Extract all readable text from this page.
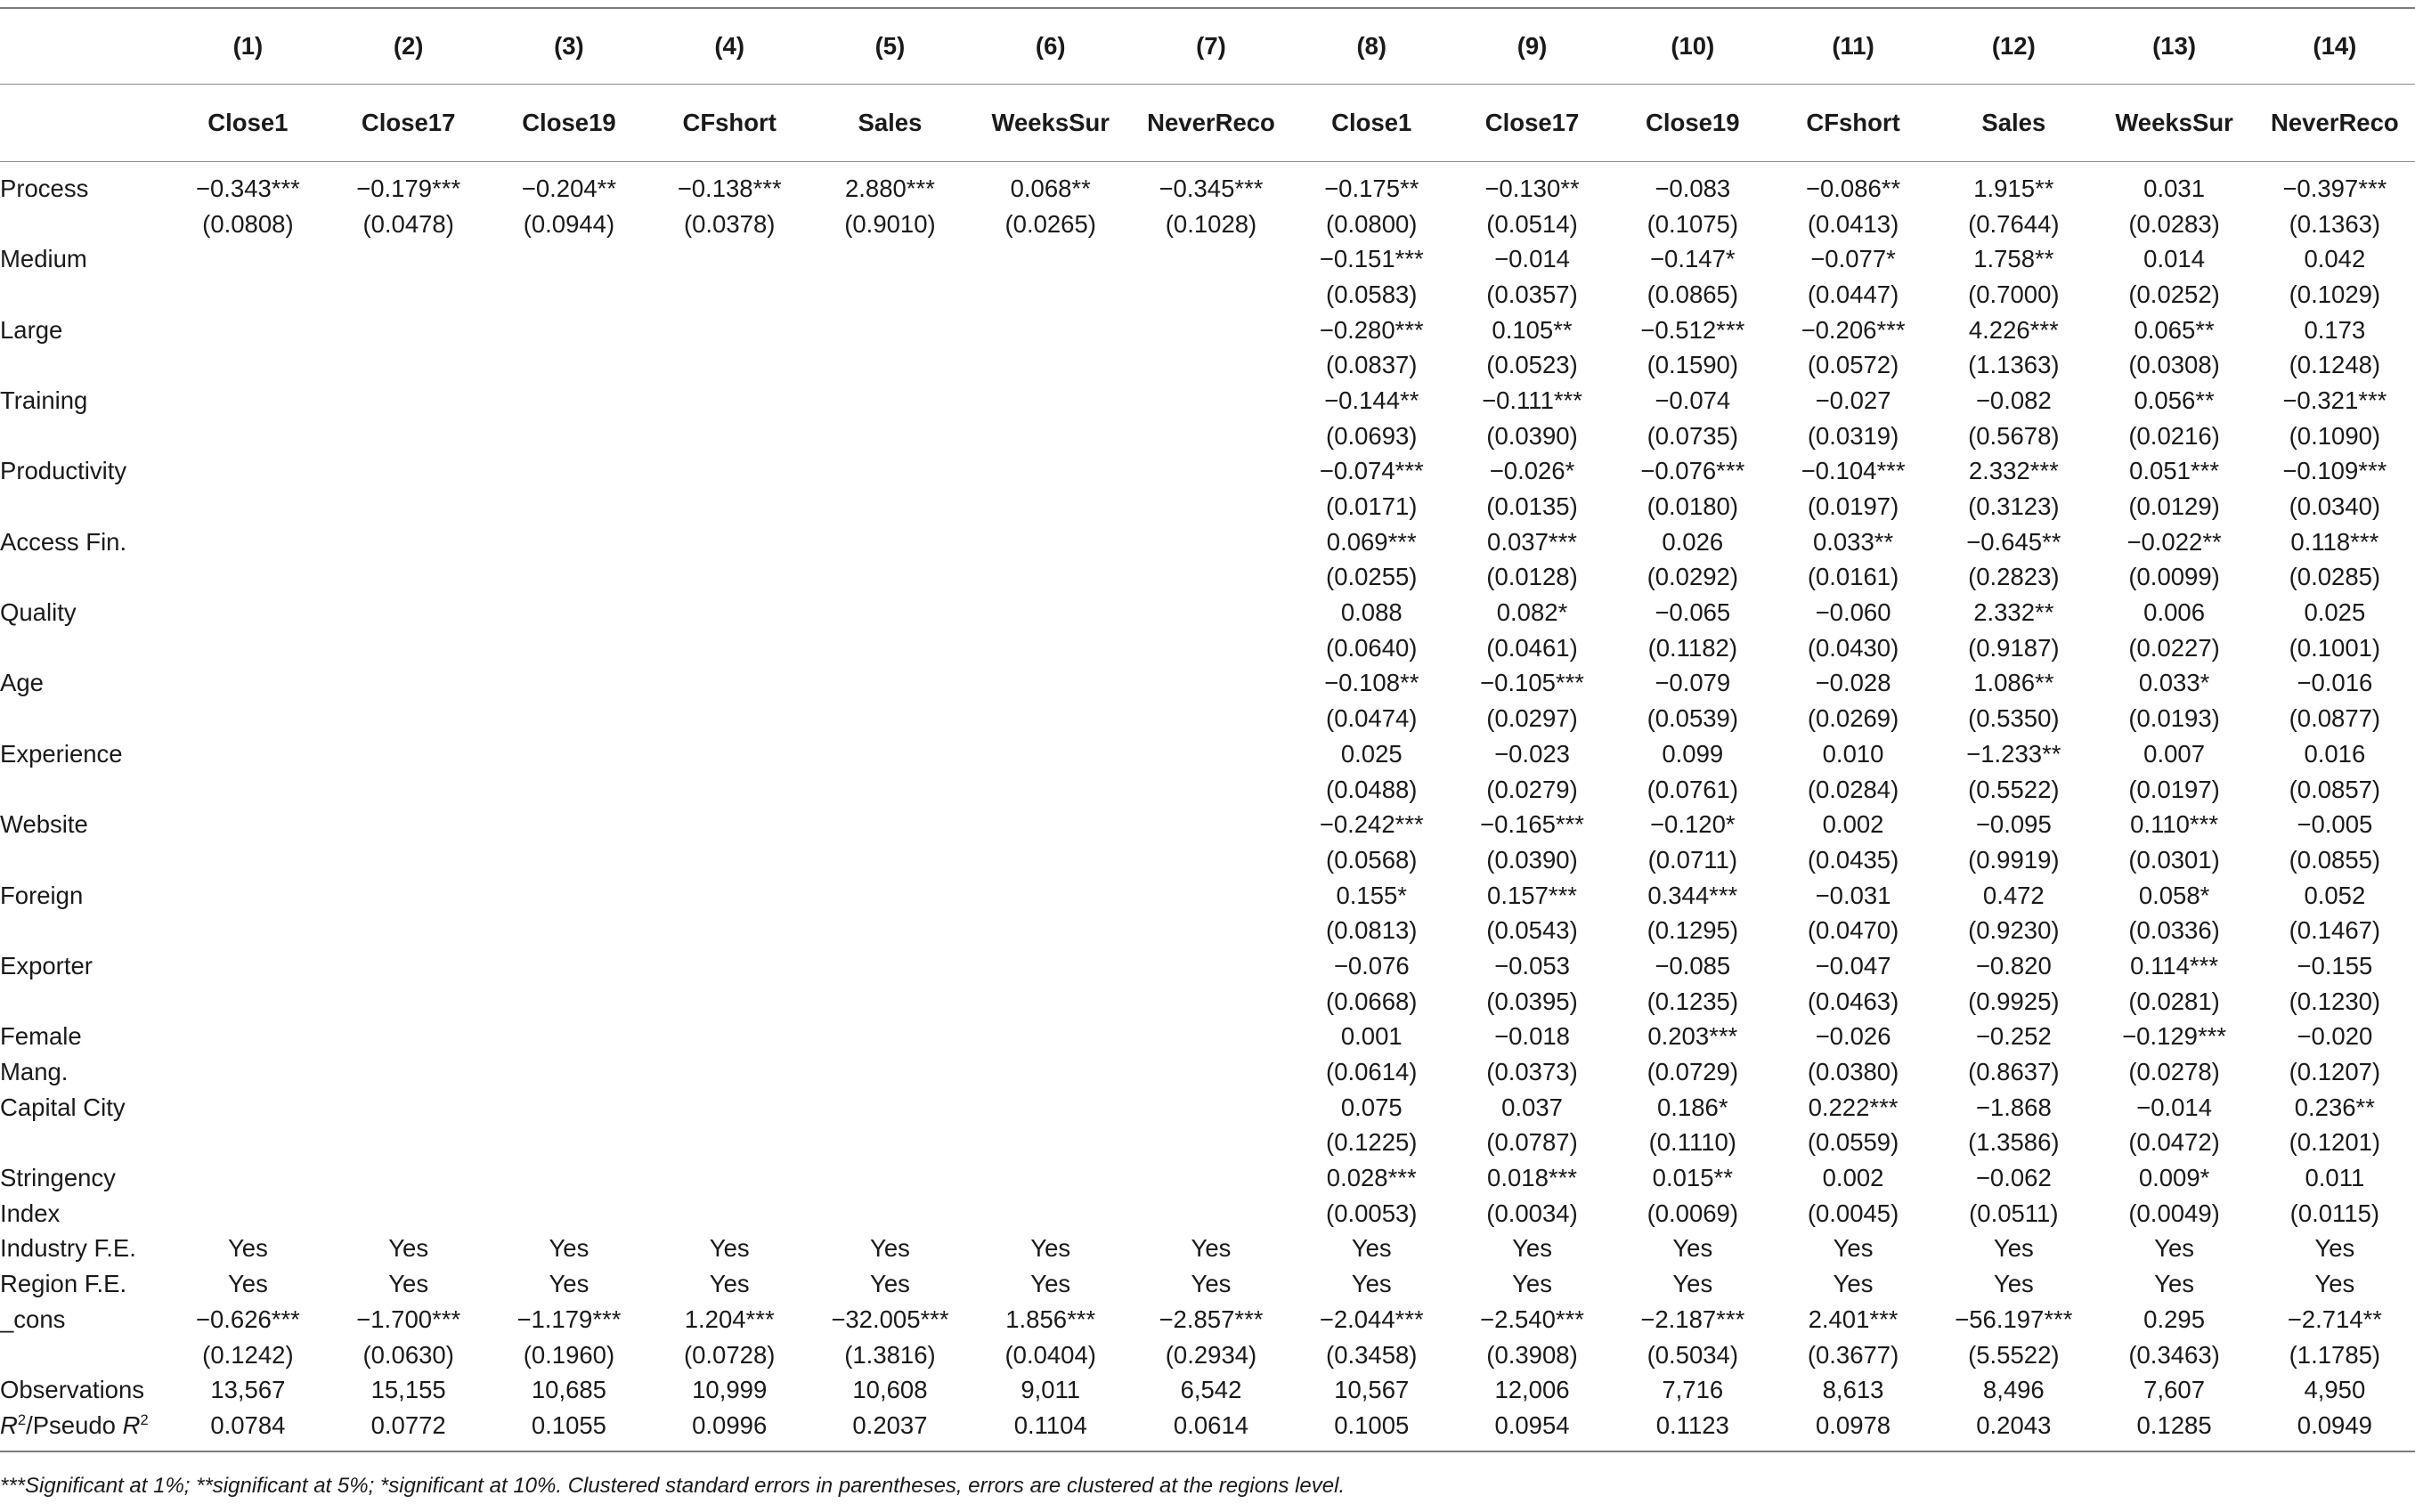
	(1)	(2)	(3)	(4)	(5)	(6)	(7)	(8)	(9)	(10)	(11)	(12)	(13)	(14)
	Close1	Close17	Close19	CFshort	Sales	WeeksSur	NeverReco	Close1	Close17	Close19	CFshort	Sales	WeeksSur	NeverReco
Process	−0.343***	−0.179***	−0.204**	−0.138***	2.880***	0.068**	−0.345***	−0.175**	−0.130**	−0.083	−0.086**	1.915**	0.031	−0.397***
	(0.0808)	(0.0478)	(0.0944)	(0.0378)	(0.9010)	(0.0265)	(0.1028)	(0.0800)	(0.0514)	(0.1075)	(0.0413)	(0.7644)	(0.0283)	(0.1363)
Medium								−0.151***	−0.014	−0.147*	−0.077*	1.758**	0.014	0.042
								(0.0583)	(0.0357)	(0.0865)	(0.0447)	(0.7000)	(0.0252)	(0.1029)
Large								−0.280***	0.105**	−0.512***	−0.206***	4.226***	0.065**	0.173
								(0.0837)	(0.0523)	(0.1590)	(0.0572)	(1.1363)	(0.0308)	(0.1248)
Training								−0.144**	−0.111***	−0.074	−0.027	−0.082	0.056**	−0.321***
								(0.0693)	(0.0390)	(0.0735)	(0.0319)	(0.5678)	(0.0216)	(0.1090)
Productivity								−0.074***	−0.026*	−0.076***	−0.104***	2.332***	0.051***	−0.109***
								(0.0171)	(0.0135)	(0.0180)	(0.0197)	(0.3123)	(0.0129)	(0.0340)
Access Fin.								0.069***	0.037***	0.026	0.033**	−0.645**	−0.022**	0.118***
								(0.0255)	(0.0128)	(0.0292)	(0.0161)	(0.2823)	(0.0099)	(0.0285)
Quality								0.088	0.082*	−0.065	−0.060	2.332**	0.006	0.025
								(0.0640)	(0.0461)	(0.1182)	(0.0430)	(0.9187)	(0.0227)	(0.1001)
Age								−0.108**	−0.105***	−0.079	−0.028	1.086**	0.033*	−0.016
								(0.0474)	(0.0297)	(0.0539)	(0.0269)	(0.5350)	(0.0193)	(0.0877)
Experience								0.025	−0.023	0.099	0.010	−1.233**	0.007	0.016
								(0.0488)	(0.0279)	(0.0761)	(0.0284)	(0.5522)	(0.0197)	(0.0857)
Website								−0.242***	−0.165***	−0.120*	0.002	−0.095	0.110***	−0.005
								(0.0568)	(0.0390)	(0.0711)	(0.0435)	(0.9919)	(0.0301)	(0.0855)
Foreign								0.155*	0.157***	0.344***	−0.031	0.472	0.058*	0.052
								(0.0813)	(0.0543)	(0.1295)	(0.0470)	(0.9230)	(0.0336)	(0.1467)
Exporter								−0.076	−0.053	−0.085	−0.047	−0.820	0.114***	−0.155
								(0.0668)	(0.0395)	(0.1235)	(0.0463)	(0.9925)	(0.0281)	(0.1230)
Female								0.001	−0.018	0.203***	−0.026	−0.252	−0.129***	−0.020
Mang.								(0.0614)	(0.0373)	(0.0729)	(0.0380)	(0.8637)	(0.0278)	(0.1207)
Capital City								0.075	0.037	0.186*	0.222***	−1.868	−0.014	0.236**
								(0.1225)	(0.0787)	(0.1110)	(0.0559)	(1.3586)	(0.0472)	(0.1201)
Stringency								0.028***	0.018***	0.015**	0.002	−0.062	0.009*	0.011
Index								(0.0053)	(0.0034)	(0.0069)	(0.0045)	(0.0511)	(0.0049)	(0.0115)
Industry F.E.	Yes	Yes	Yes	Yes	Yes	Yes	Yes	Yes	Yes	Yes	Yes	Yes	Yes	Yes
Region F.E.	Yes	Yes	Yes	Yes	Yes	Yes	Yes	Yes	Yes	Yes	Yes	Yes	Yes	Yes
_cons	−0.626***	−1.700***	−1.179***	1.204***	−32.005***	1.856***	−2.857***	−2.044***	−2.540***	−2.187***	2.401***	−56.197***	0.295	−2.714**
	(0.1242)	(0.0630)	(0.1960)	(0.0728)	(1.3816)	(0.0404)	(0.2934)	(0.3458)	(0.3908)	(0.5034)	(0.3677)	(5.5522)	(0.3463)	(1.1785)
Observations	13,567	15,155	10,685	10,999	10,608	9,011	6,542	10,567	12,006	7,716	8,613	8,496	7,607	4,950
$R^2$/Pseudo $R^2$	0.0784	0.0772	0.1055	0.0996	0.2037	0.1104	0.0614	0.1005	0.0954	0.1123	0.0978	0.2043	0.1285	0.0949
***Significant at 1%; **significant at 5%; *significant at 10%. Clustered standard errors in parentheses, errors are clustered at the regions level.
